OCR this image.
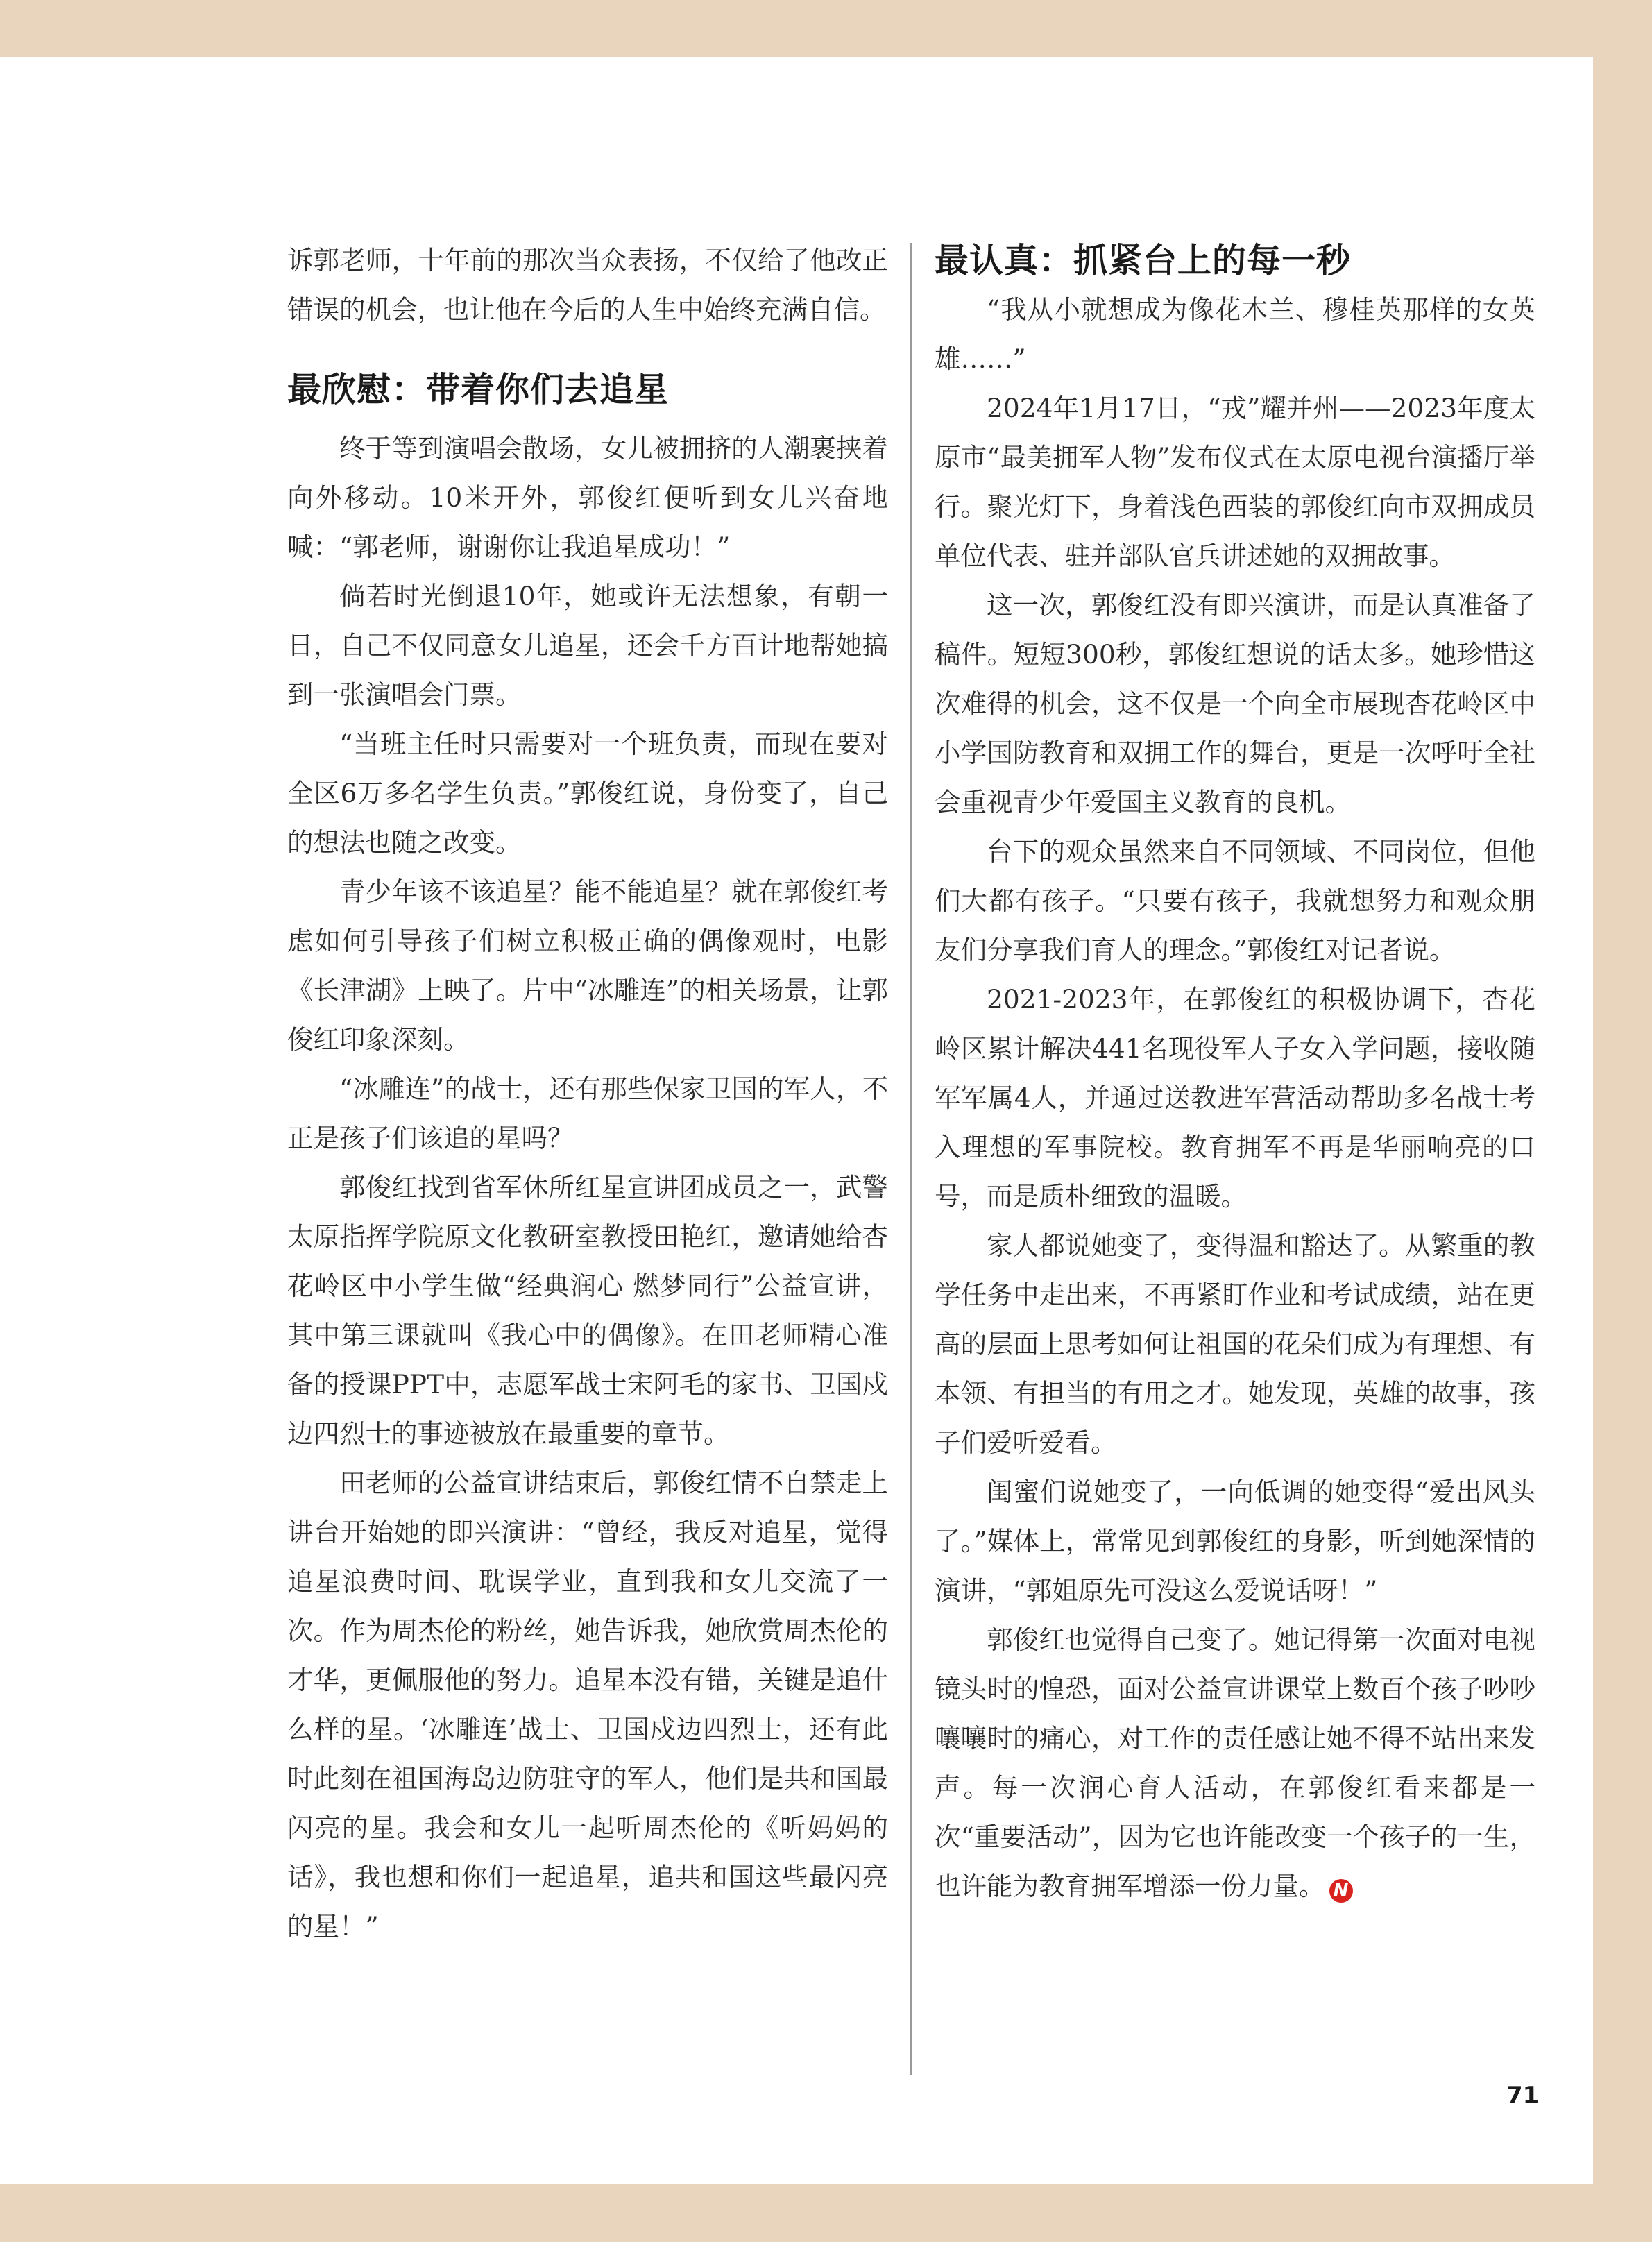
诉郭老师，十年前的那次当众表扬，不仅给了他改正错误的机会，也让他在今后的人生中始终充满自信。

最欣慰：带着你们去追星

终于等到演唱会散场，女儿被拥挤的人潮裹挟着向外移动。10米开外，郭俊红便听到女儿兴奋地喊：“郭老师，谢谢你让我追星成功！”

倘若时光倒退10年，她或许无法想象，有朝一日，自己不仅同意女儿追星，还会千方百计地帮她搞到一张演唱会门票。

“当班主任时只需要对一个班负责，而现在要对全区6万多名学生负责。”郭俊红说，身份变了，自己的想法也随之改变。

青少年该不该追星？能不能追星？就在郭俊红考虑如何引导孩子们树立积极正确的偶像观时，电影《长津湖》上映了。片中“冰雕连”的相关场景，让郭俊红印象深刻。

“冰雕连”的战士，还有那些保家卫国的军人，不正是孩子们该追的星吗？

郭俊红找到省军休所红星宣讲团成员之一，武警太原指挥学院原文化教研室教授田艳红，邀请她给杏花岭区中小学生做“经典润心 燃梦同行”公益宣讲，其中第三课就叫《我心中的偶像》。在田老师精心准备的授课PPT中，志愿军战士宋阿毛的家书、卫国戍边四烈士的事迹被放在最重要的章节。

田老师的公益宣讲结束后，郭俊红情不自禁走上讲台开始她的即兴演讲：“曾经，我反对追星，觉得追星浪费时间、耽误学业，直到我和女儿交流了一次。作为周杰伦的粉丝，她告诉我，她欣赏周杰伦的才华，更佩服他的努力。追星本没有错，关键是追什么样的星。‘冰雕连’战士、卫国戍边四烈士，还有此时此刻在祖国海岛边防驻守的军人，他们是共和国最闪亮的星。我会和女儿一起听周杰伦的《听妈妈的话》，我也想和你们一起追星，追共和国这些最闪亮的星！”

最认真：抓紧台上的每一秒

“我从小就想成为像花木兰、穆桂英那样的女英雄……”

2024年1月17日，“戎”耀并州——2023年度太原市“最美拥军人物”发布仪式在太原电视台演播厅举行。聚光灯下，身着浅色西装的郭俊红向市双拥成员单位代表、驻并部队官兵讲述她的双拥故事。

这一次，郭俊红没有即兴演讲，而是认真准备了稿件。短短300秒，郭俊红想说的话太多。她珍惜这次难得的机会，这不仅是一个向全市展现杏花岭区中小学国防教育和双拥工作的舞台，更是一次呼吁全社会重视青少年爱国主义教育的良机。

台下的观众虽然来自不同领域、不同岗位，但他们大都有孩子。“只要有孩子，我就想努力和观众朋友们分享我们育人的理念。”郭俊红对记者说。

2021-2023年，在郭俊红的积极协调下，杏花岭区累计解决441名现役军人子女入学问题，接收随军军属4人，并通过送教进军营活动帮助多名战士考入理想的军事院校。教育拥军不再是华丽响亮的口号，而是质朴细致的温暖。

家人都说她变了，变得温和豁达了。从繁重的教学任务中走出来，不再紧盯作业和考试成绩，站在更高的层面上思考如何让祖国的花朵们成为有理想、有本领、有担当的有用之才。她发现，英雄的故事，孩子们爱听爱看。

闺蜜们说她变了，一向低调的她变得“爱出风头了。”媒体上，常常见到郭俊红的身影，听到她深情的演讲，“郭姐原先可没这么爱说话呀！”

郭俊红也觉得自己变了。她记得第一次面对电视镜头时的惶恐，面对公益宣讲课堂上数百个孩子吵吵嚷嚷时的痛心，对工作的责任感让她不得不站出来发声。每一次润心育人活动，在郭俊红看来都是一次“重要活动”，因为它也许能改变一个孩子的一生，也许能为教育拥军增添一份力量。 N

71
